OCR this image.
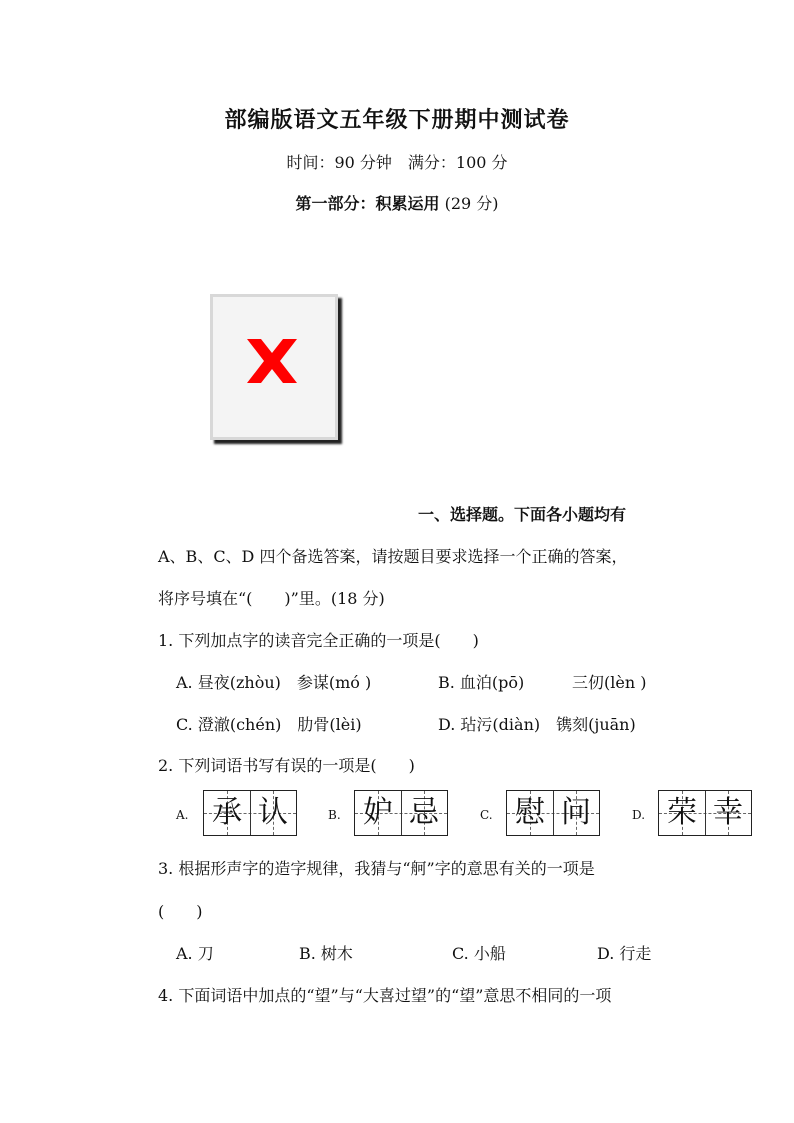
部编版语文五年级下册期中测试卷
时间：90 分钟　满分：100 分
第一部分：积累运用 (29 分)
一、选择题。下面各小题均有
A、B、C、D 四个备选答案，请按题目要求选择一个正确的答案，
将序号填在“(　　)”里。(18 分)
1. 下列加点字的读音完全正确的一项是(　　)
A. 昼夜(zhòu)　参谋(mó )	B. 血泊(pō)	三仞(lèn )
C. 澄澈(chén)　肋骨(lèi)	D. 玷污(diàn)　镌刻(juān)
2. 下列词语书写有误的一项是(　　)
A. 承 认	B. 妒 忌	C. 慰 问	D. 荣 幸
3. 根据形声字的造字规律，我猜与“舸”字的意思有关的一项是
(　　)
A. 刀	B. 树木	C. 小船	D. 行走
4. 下面词语中加点的“望”与“大喜过望”的“望”意思不相同的一项
